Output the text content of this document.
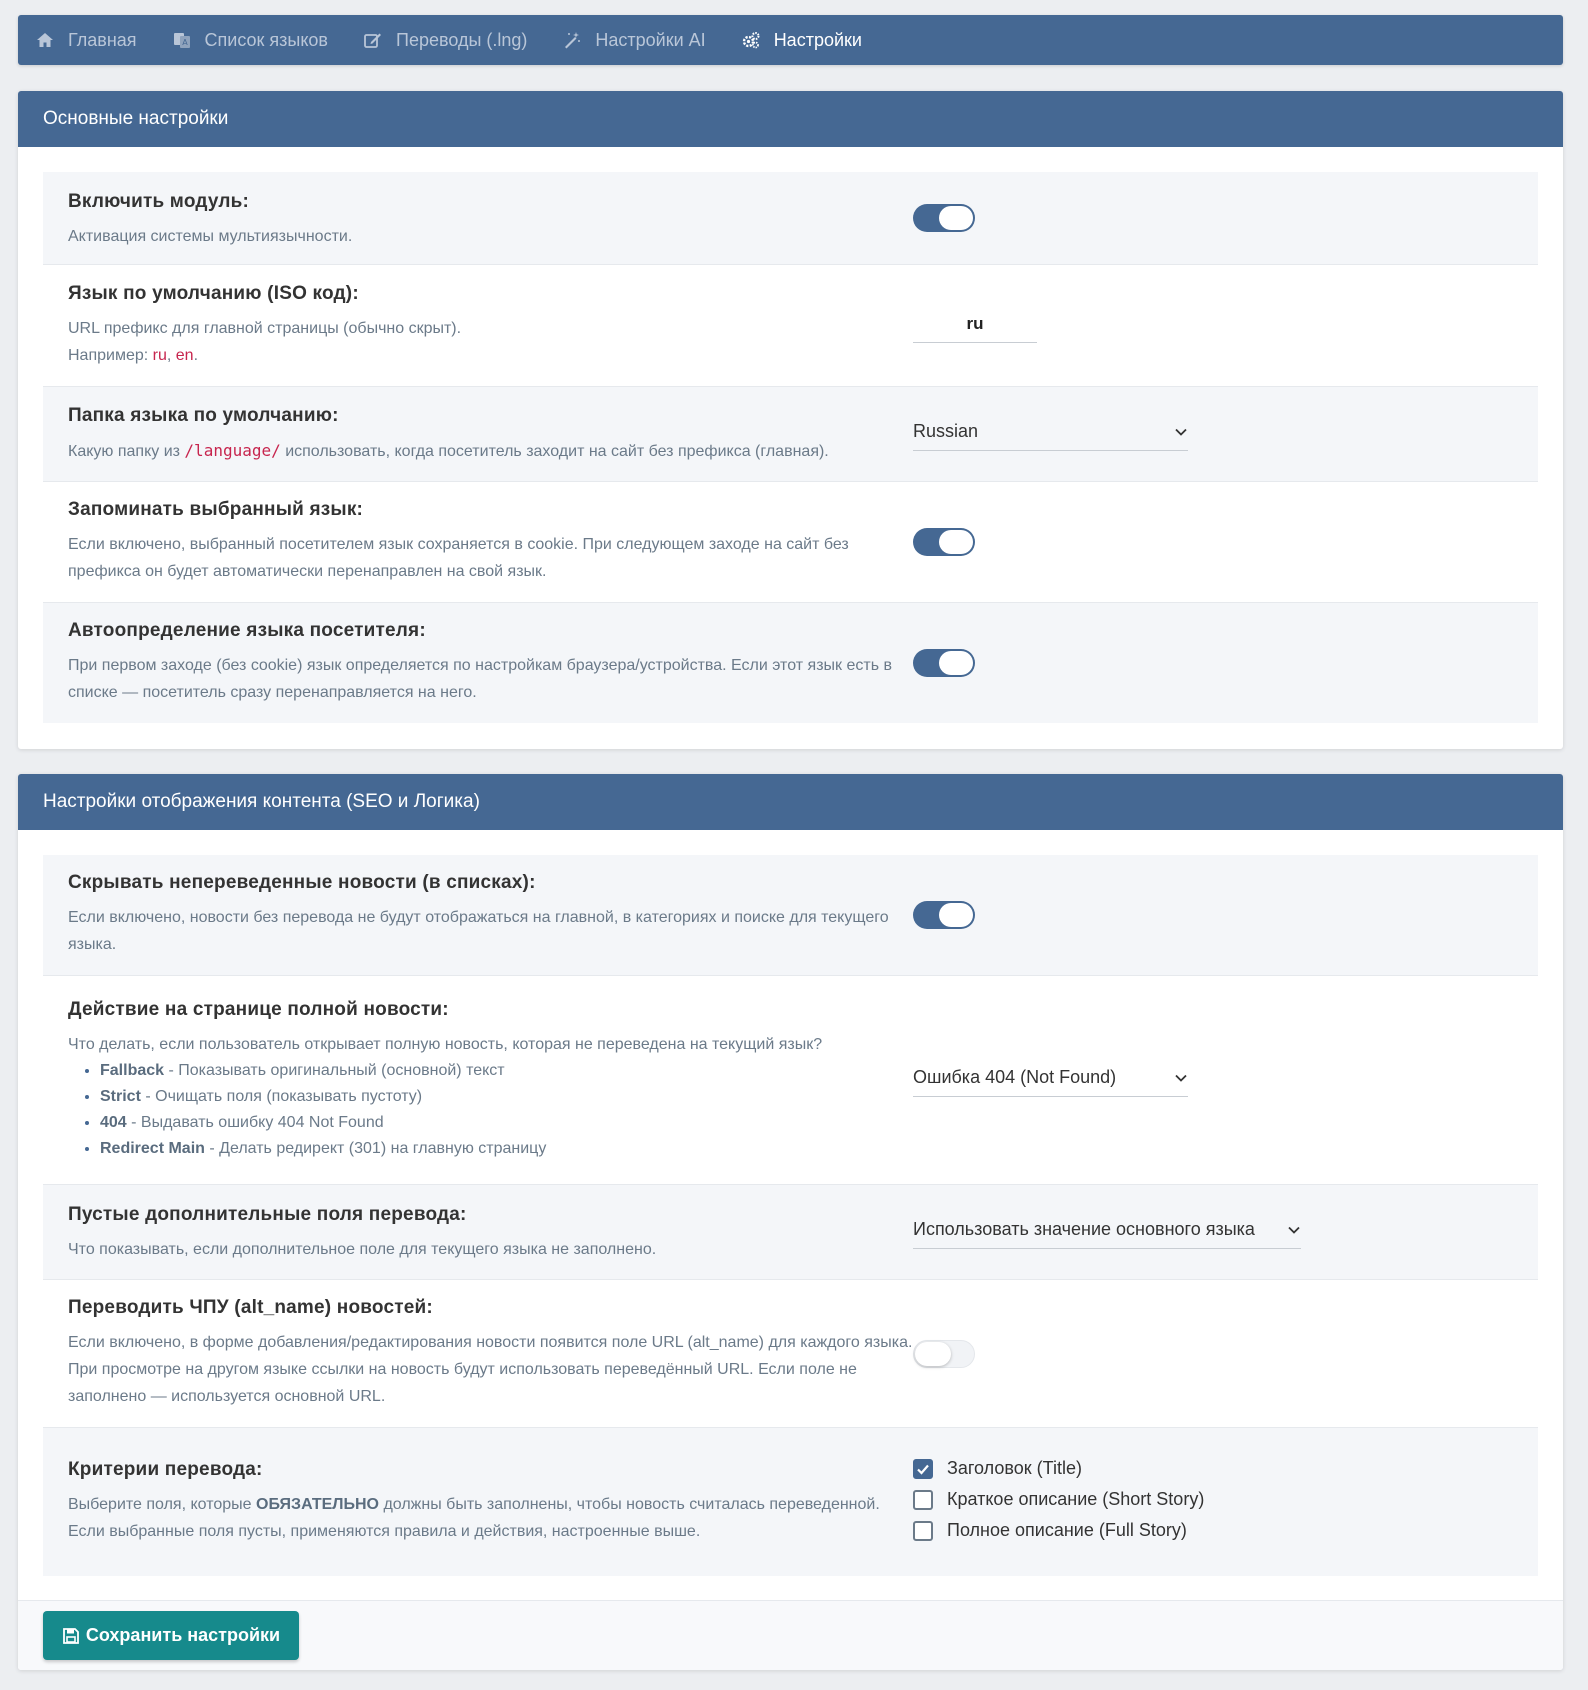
Главная	A Список языков	Переводы (.lng)	Настройки AI	Настройки
Основные настройки
Включить модуль:
Активация системы мультиязычности.
Язык по умолчанию (ISO код):
URL префикс для главной страницы (обычно скрыт).
Например: ru, en.
ru
Папка языка по умолчанию:
Какую папку из /language/ использовать, когда посетитель заходит на сайт без префикса (главная).
Russian
Запоминать выбранный язык:
Если включено, выбранный посетителем язык сохраняется в cookie. При следующем заходе на сайт без префикса он будет автоматически перенаправлен на свой язык.
Автоопределение языка посетителя:
При первом заходе (без cookie) язык определяется по настройкам браузера/устройства. Если этот язык есть в списке — посетитель сразу перенаправляется на него.
Настройки отображения контента (SEO и Логика)
Скрывать непереведенные новости (в списках):
Если включено, новости без перевода не будут отображаться на главной, в категориях и поиске для текущего языка.
Действие на странице полной новости:
Что делать, если пользователь открывает полную новость, которая не переведена на текущий язык?
• Fallback - Показывать оригинальный (основной) текст
• Strict - Очищать поля (показывать пустоту)
• 404 - Выдавать ошибку 404 Not Found
• Redirect Main - Делать редирект (301) на главную страницу
Ошибка 404 (Not Found)
Пустые дополнительные поля перевода:
Что показывать, если дополнительное поле для текущего языка не заполнено.
Использовать значение основного языка
Переводить ЧПУ (alt_name) новостей:
Если включено, в форме добавления/редактирования новости появится поле URL (alt_name) для каждого языка. При просмотре на другом языке ссылки на новость будут использовать переведённый URL. Если поле не заполнено — используется основной URL.
Критерии перевода:
Выберите поля, которые ОБЯЗАТЕЛЬНО должны быть заполнены, чтобы новость считалась переведенной.
Если выбранные поля пусты, применяются правила и действия, настроенные выше.
Заголовок (Title)
Краткое описание (Short Story)
Полное описание (Full Story)
Сохранить настройки
